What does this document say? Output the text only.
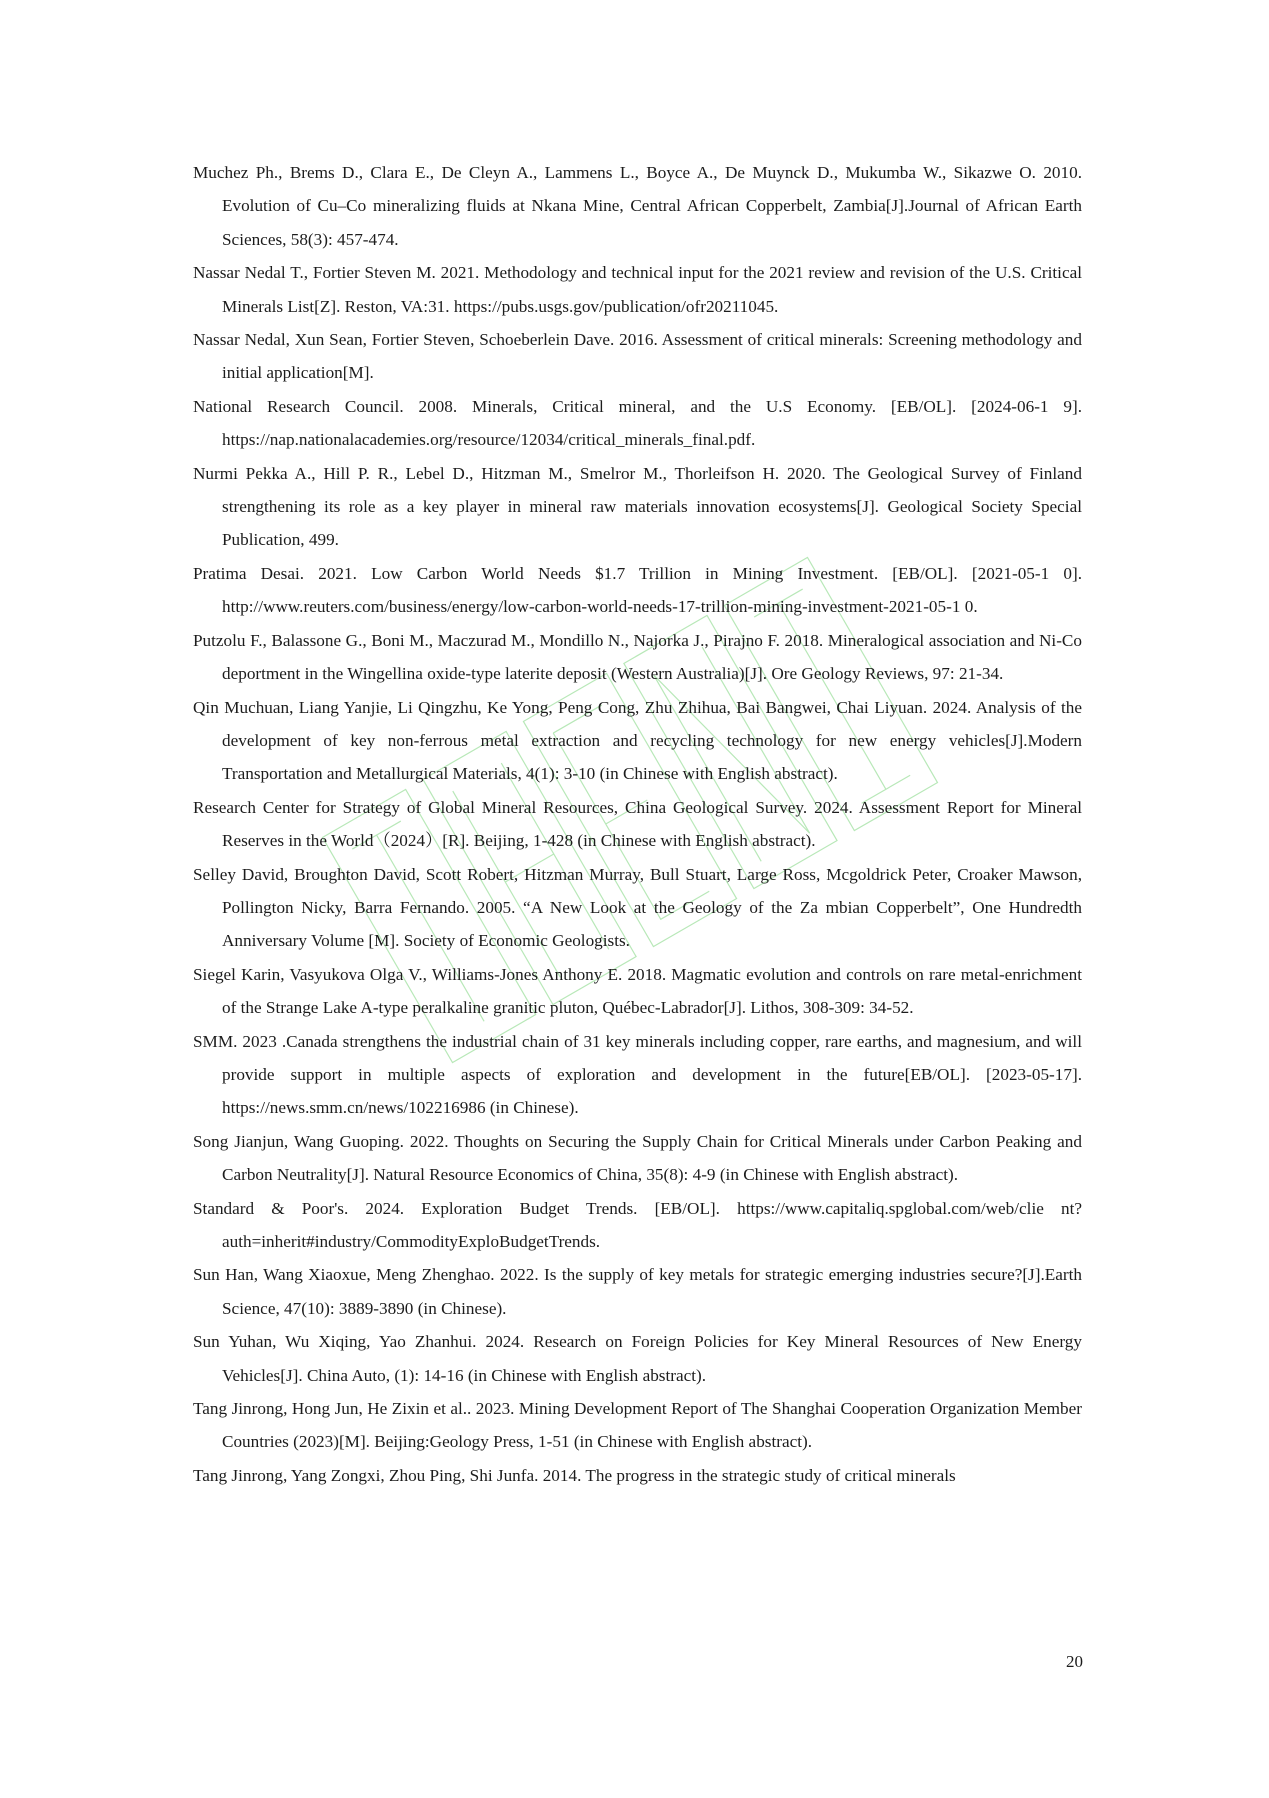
Muchez Ph., Brems D., Clara E., De Cleyn A., Lammens L., Boyce A., De Muynck D., Mukumba W., Sikazwe O. 2010. Evolution of Cu–Co mineralizing fluids at Nkana Mine, Central African Copperbelt, Zambia[J].Journal of African Earth Sciences, 58(3): 457-474.
Nassar Nedal T., Fortier Steven M. 2021. Methodology and technical input for the 2021 review and revision of the U.S. Critical Minerals List[Z]. Reston, VA:31. https://pubs.usgs.gov/publication/ofr20211045.
Nassar Nedal, Xun Sean, Fortier Steven, Schoeberlein Dave. 2016. Assessment of critical minerals: Screening methodology and initial application[M].
National Research Council. 2008. Minerals, Critical mineral, and the U.S Economy. [EB/OL]. [2024-06-1 9]. https://nap.nationalacademies.org/resource/12034/critical_minerals_final.pdf.
Nurmi Pekka A., Hill P. R., Lebel D., Hitzman M., Smelror M., Thorleifson H. 2020. The Geological Survey of Finland strengthening its role as a key player in mineral raw materials innovation ecosystems[J]. Geological Society Special Publication, 499.
Pratima Desai. 2021. Low Carbon World Needs $1.7 Trillion in Mining Investment. [EB/OL]. [2021-05-1 0]. http://www.reuters.com/business/energy/low-carbon-world-needs-17-trillion-mining-investment-2021-05-1 0.
Putzolu F., Balassone G., Boni M., Maczurad M., Mondillo N., Najorka J., Pirajno F. 2018. Mineralogical association and Ni-Co deportment in the Wingellina oxide-type laterite deposit (Western Australia)[J]. Ore Geology Reviews, 97: 21-34.
Qin Muchuan, Liang Yanjie, Li Qingzhu, Ke Yong, Peng Cong, Zhu Zhihua, Bai Bangwei, Chai Liyuan. 2024. Analysis of the development of key non-ferrous metal extraction and recycling technology for new energy vehicles[J].Modern Transportation and Metallurgical Materials, 4(1): 3-10 (in Chinese with English abstract).
Research Center for Strategy of Global Mineral Resources, China Geological Survey. 2024. Assessment Report for Mineral Reserves in the World（2024）[R]. Beijing, 1-428 (in Chinese with English abstract).
Selley David, Broughton David, Scott Robert, Hitzman Murray, Bull Stuart, Large Ross, Mcgoldrick Peter, Croaker Mawson, Pollington Nicky, Barra Fernando. 2005. “A New Look at the Geology of the Za mbian Copperbelt”, One Hundredth Anniversary Volume [M]. Society of Economic Geologists.
Siegel Karin, Vasyukova Olga V., Williams-Jones Anthony E. 2018. Magmatic evolution and controls on rare metal-enrichment of the Strange Lake A-type peralkaline granitic pluton, Québec-Labrador[J]. Lithos, 308-309: 34-52.
SMM. 2023 .Canada strengthens the industrial chain of 31 key minerals including copper, rare earths, and magnesium, and will provide support in multiple aspects of exploration and development in the future[EB/OL]. [2023-05-17]. https://news.smm.cn/news/102216986 (in Chinese).
Song Jianjun, Wang Guoping. 2022. Thoughts on Securing the Supply Chain for Critical Minerals under Carbon Peaking and Carbon Neutrality[J]. Natural Resource Economics of China, 35(8): 4-9 (in Chinese with English abstract).
Standard & Poor's. 2024. Exploration Budget Trends. [EB/OL]. https://www.capitaliq.spglobal.com/web/clie nt?auth=inherit#industry/CommodityExploBudgetTrends.
Sun Han, Wang Xiaoxue, Meng Zhenghao. 2022. Is the supply of key metals for strategic emerging industries secure?[J].Earth Science, 47(10): 3889-3890 (in Chinese).
Sun Yuhan, Wu Xiqing, Yao Zhanhui. 2024. Research on Foreign Policies for Key Mineral Resources of New Energy Vehicles[J]. China Auto, (1): 14-16 (in Chinese with English abstract).
Tang Jinrong, Hong Jun, He Zixin et al.. 2023. Mining Development Report of The Shanghai Cooperation Organization Member Countries (2023)[M]. Beijing:Geology Press, 1-51 (in Chinese with English abstract).
Tang Jinrong, Yang Zongxi, Zhou Ping, Shi Junfa. 2014. The progress in the strategic study of critical minerals
20
